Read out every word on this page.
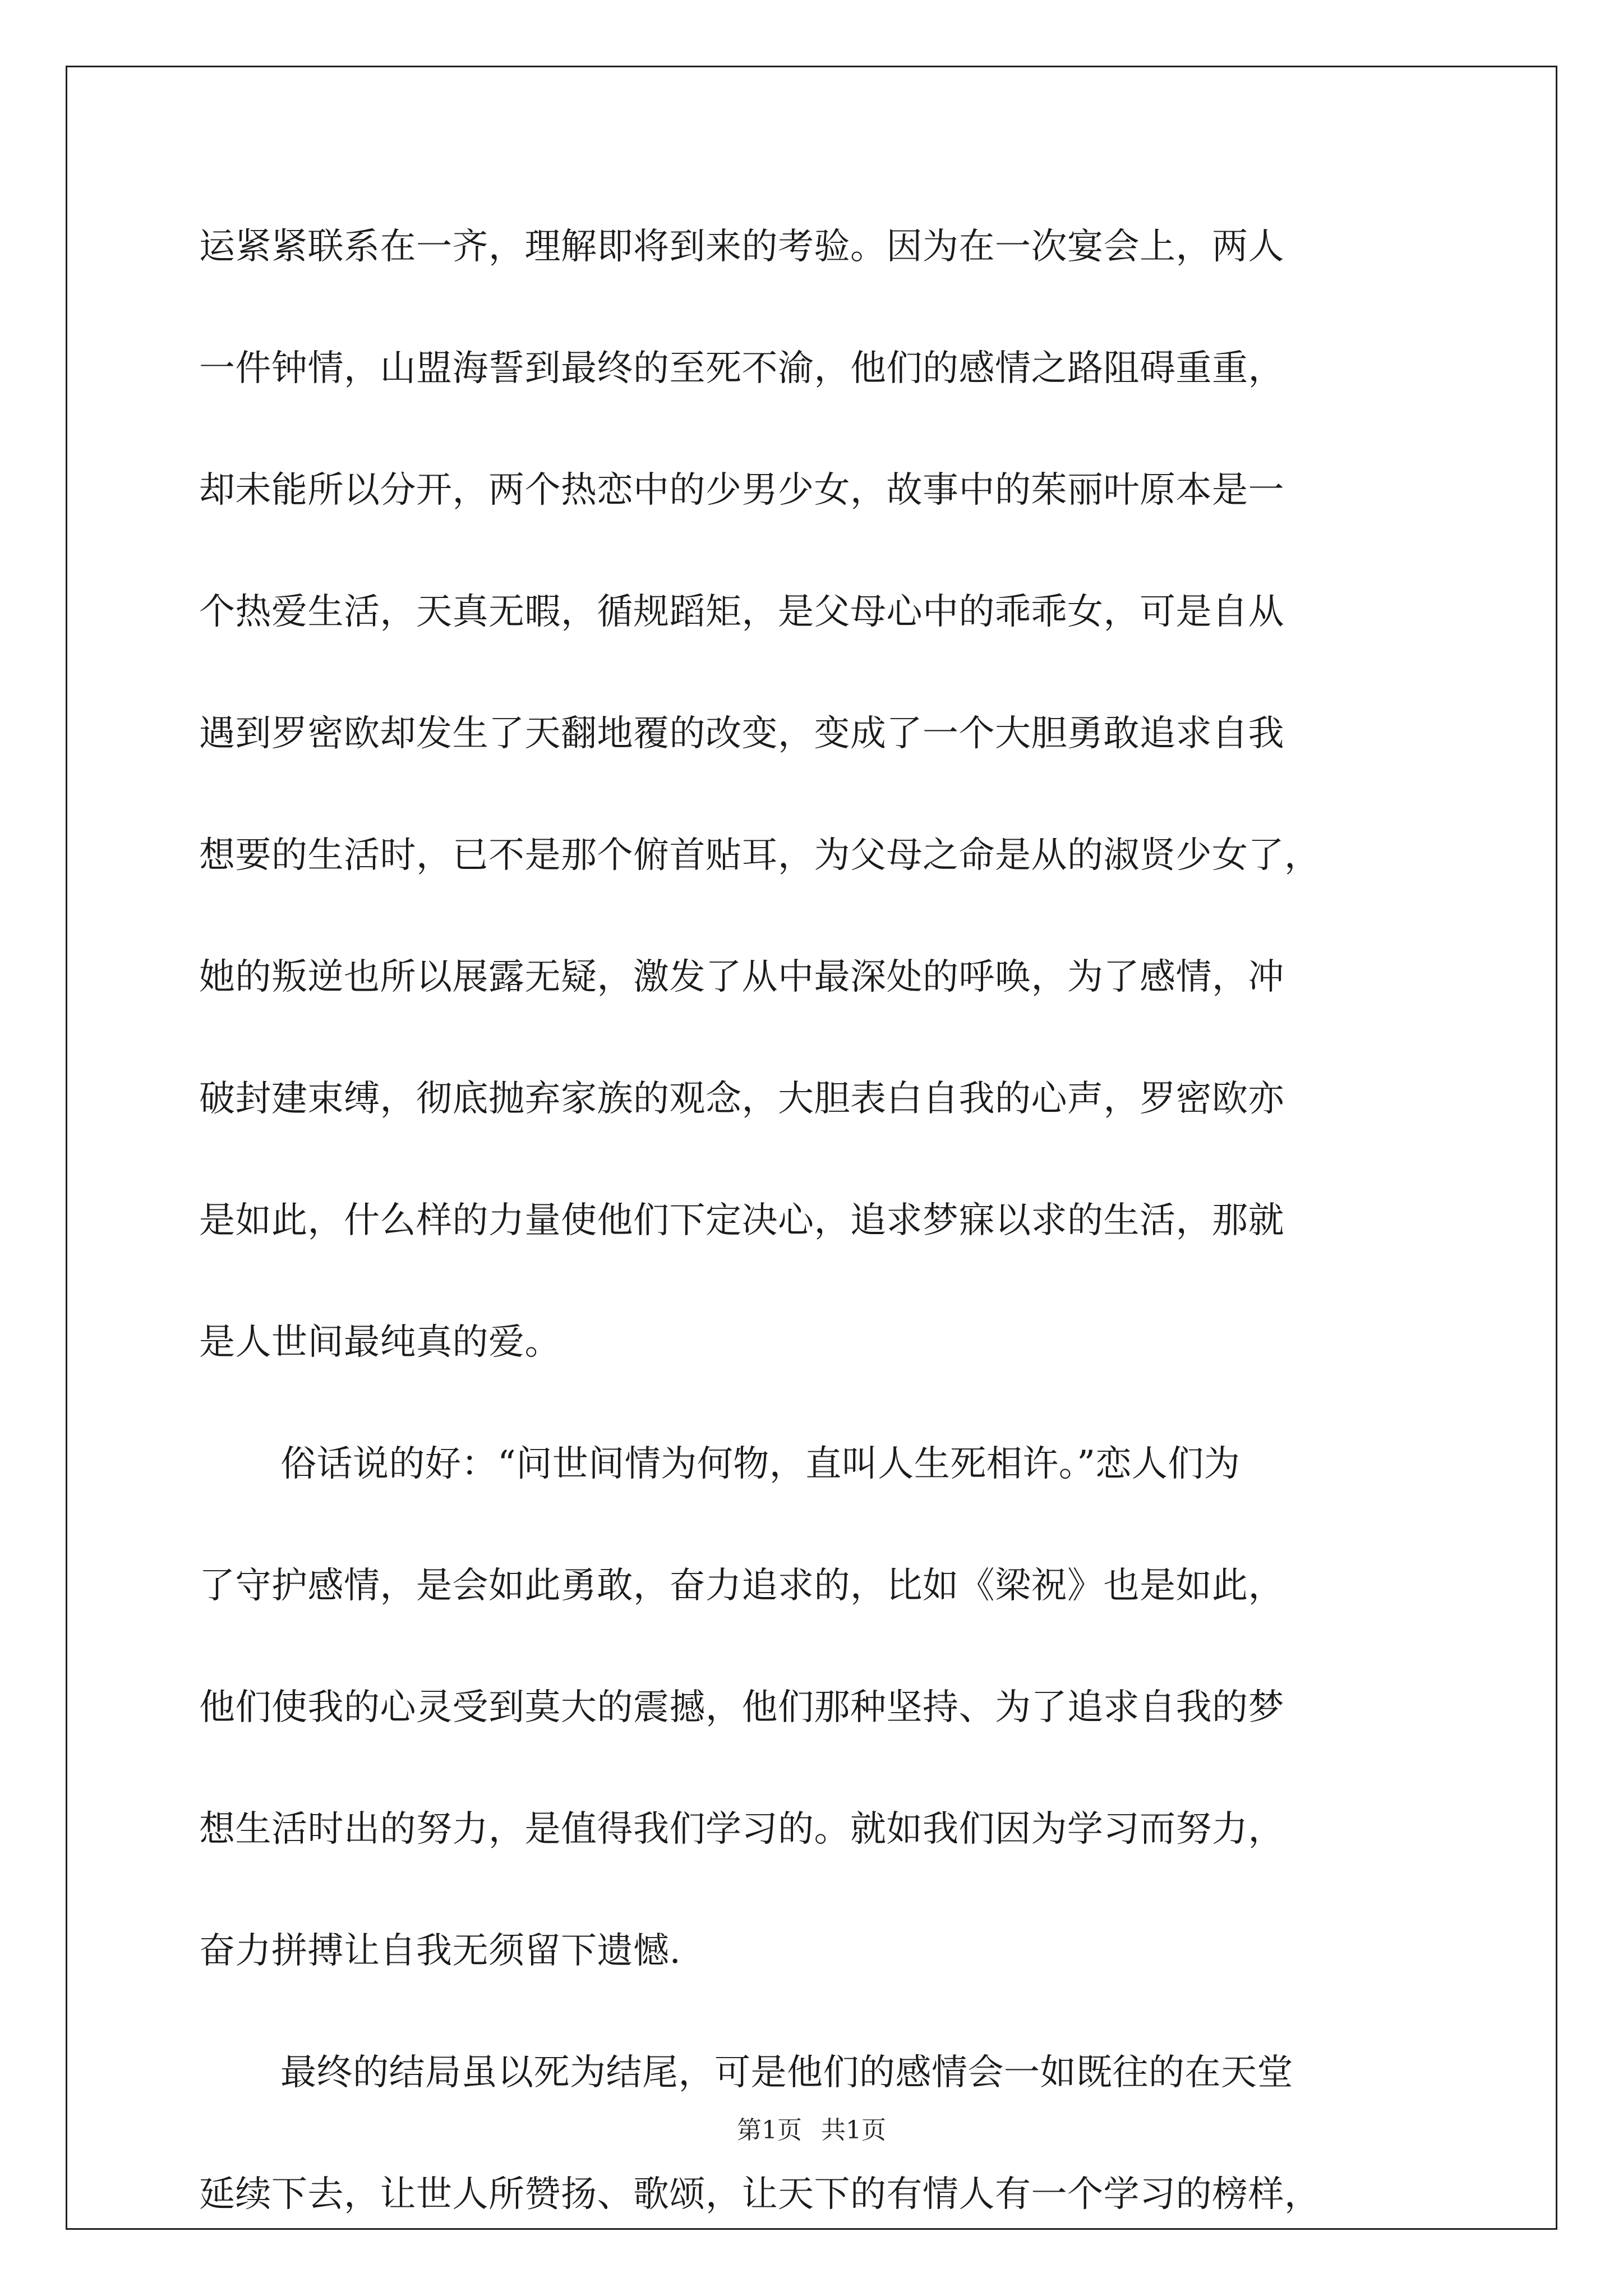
运紧紧联系在一齐，理解即将到来的考验。因为在一次宴会上，两人
一件钟情，山盟海誓到最终的至死不渝，他们的感情之路阻碍重重，
却未能所以分开，两个热恋中的少男少女，故事中的茱丽叶原本是一
个热爱生活，天真无暇，循规蹈矩，是父母心中的乖乖女，可是自从
遇到罗密欧却发生了天翻地覆的改变，变成了一个大胆勇敢追求自我
想要的生活时，已不是那个俯首贴耳，为父母之命是从的淑贤少女了，
她的叛逆也所以展露无疑，激发了从中最深处的呼唤，为了感情，冲
破封建束缚，彻底抛弃家族的观念，大胆表白自我的心声，罗密欧亦
是如此，什么样的力量使他们下定决心，追求梦寐以求的生活，那就
是人世间最纯真的爱。
俗话说的好：“问世间情为何物，直叫人生死相许。”恋人们为
了守护感情，是会如此勇敢，奋力追求的，比如《梁祝》也是如此，
他们使我的心灵受到莫大的震撼，他们那种坚持、为了追求自我的梦
想生活时出的努力，是值得我们学习的。就如我们因为学习而努力，
奋力拼搏让自我无须留下遗憾.
最终的结局虽以死为结尾，可是他们的感情会一如既往的在天堂
延续下去，让世人所赞扬、歌颂，让天下的有情人有一个学习的榜样，
第1页 共1页
